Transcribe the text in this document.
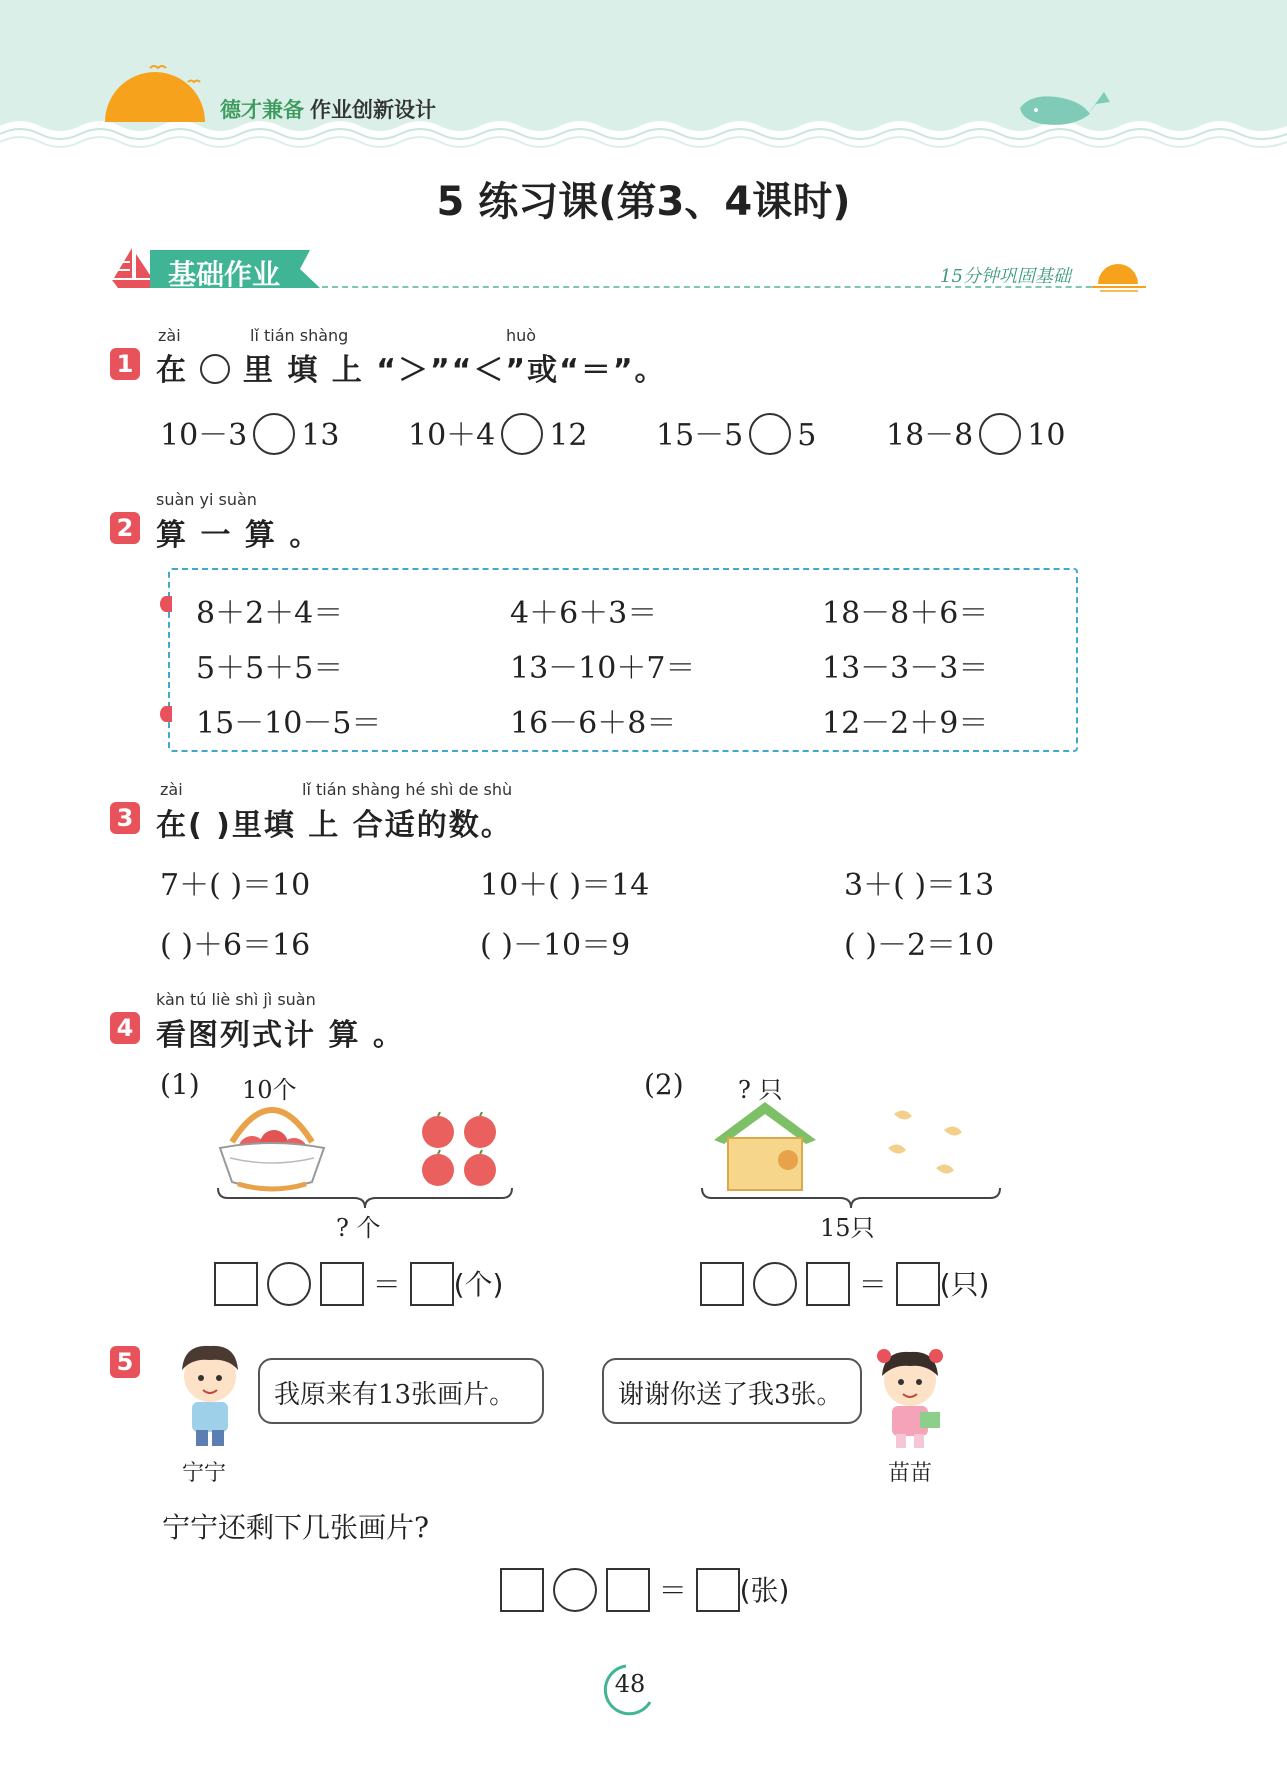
德才兼备 作业创新设计
5 练习课(第3、4课时)
基础作业	15分钟巩固基础
zài	lǐ tián shàng	huò
1 在 里 填 上 “＞”“＜”或“＝”。
10－3 13 10＋4 12 15－5 5 18－8 10
suàn yi suàn
2 算 一 算 。
8＋2＋4＝	4＋6＋3＝	18－8＋6＝
5＋5＋5＝	13－10＋7＝	13－3－3＝
15－10－5＝	16－6＋8＝	12－2＋9＝
zài	lǐ tián shàng hé shì de shù
3 在( )里填 上 合适的数。
7＋( )＝10	10＋( )＝14	3＋( )＝13
( )＋6＝16	( )－10＝9	( )－2＝10
kàn tú liè shì jì suàn
4 看图列式计 算 。
(1) 10个
? 个
＝ (个)
(2) ? 只
15只
＝ (只)
5
我原来有13张画片。	谢谢你送了我3张。
宁宁	苗苗
宁宁还剩下几张画片?
＝ (张)
48
